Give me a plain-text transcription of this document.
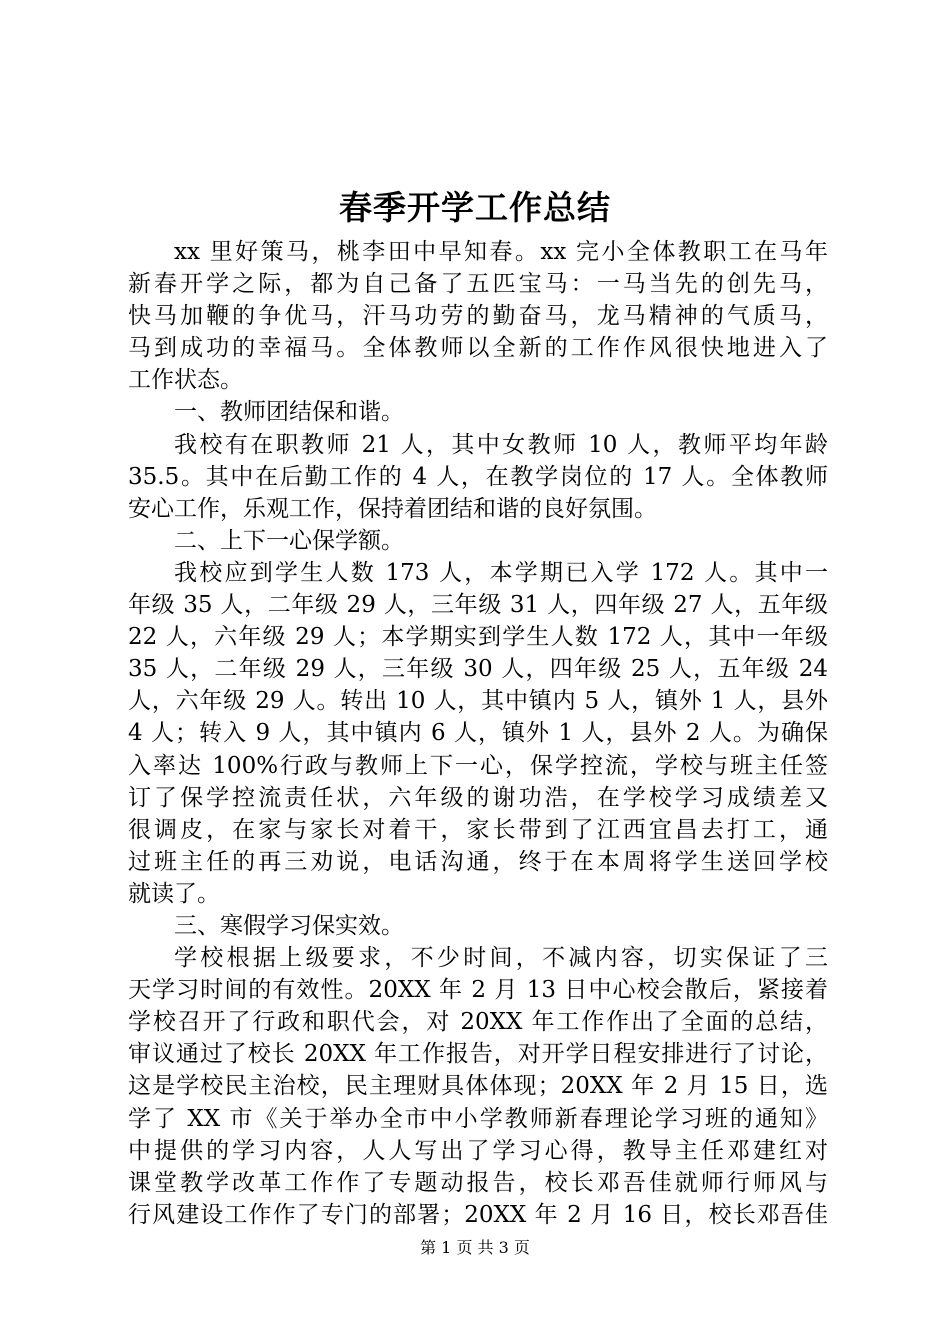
春季开学工作总结
xx 里好策马，桃李田中早知春。xx 完小全体教职工在马年
新春开学之际，都为自己备了五匹宝马：一马当先的创先马，
快马加鞭的争优马，汗马功劳的勤奋马，龙马精神的气质马，
马到成功的幸福马。全体教师以全新的工作作风很快地进入了
工作状态。
一、教师团结保和谐。
我校有在职教师 21 人，其中女教师 10 人，教师平均年龄
35.5。其中在后勤工作的 4 人，在教学岗位的 17 人。全体教师
安心工作，乐观工作，保持着团结和谐的良好氛围。
二、上下一心保学额。
我校应到学生人数 173 人，本学期已入学 172 人。其中一
年级 35 人，二年级 29 人，三年级 31 人，四年级 27 人，五年级
22 人，六年级 29 人；本学期实到学生人数 172 人，其中一年级
35 人，二年级 29 人，三年级 30 人，四年级 25 人，五年级 24
人，六年级 29 人。转出 10 人，其中镇内 5 人，镇外 1 人，县外
4 人；转入 9 人，其中镇内 6 人，镇外 1 人，县外 2 人。为确保
入率达 100%行政与教师上下一心，保学控流，学校与班主任签
订了保学控流责任状，六年级的谢功浩，在学校学习成绩差又
很调皮，在家与家长对着干，家长带到了江西宜昌去打工，通
过班主任的再三劝说，电话沟通，终于在本周将学生送回学校
就读了。
三、寒假学习保实效。
学校根据上级要求，不少时间，不减内容，切实保证了三
天学习时间的有效性。20XX 年 2 月 13 日中心校会散后，紧接着
学校召开了行政和职代会，对 20XX 年工作作出了全面的总结，
审议通过了校长 20XX 年工作报告，对开学日程安排进行了讨论，
这是学校民主治校，民主理财具体体现；20XX 年 2 月 15 日，选
学了 XX 市《关于举办全市中小学教师新春理论学习班的通知》
中提供的学习内容，人人写出了学习心得，教导主任邓建红对
课堂教学改革工作作了专题动报告，校长邓吾佳就师行师风与
行风建设工作作了专门的部署；20XX 年 2 月 16 日，校长邓吾佳
第 1 页 共 3 页
